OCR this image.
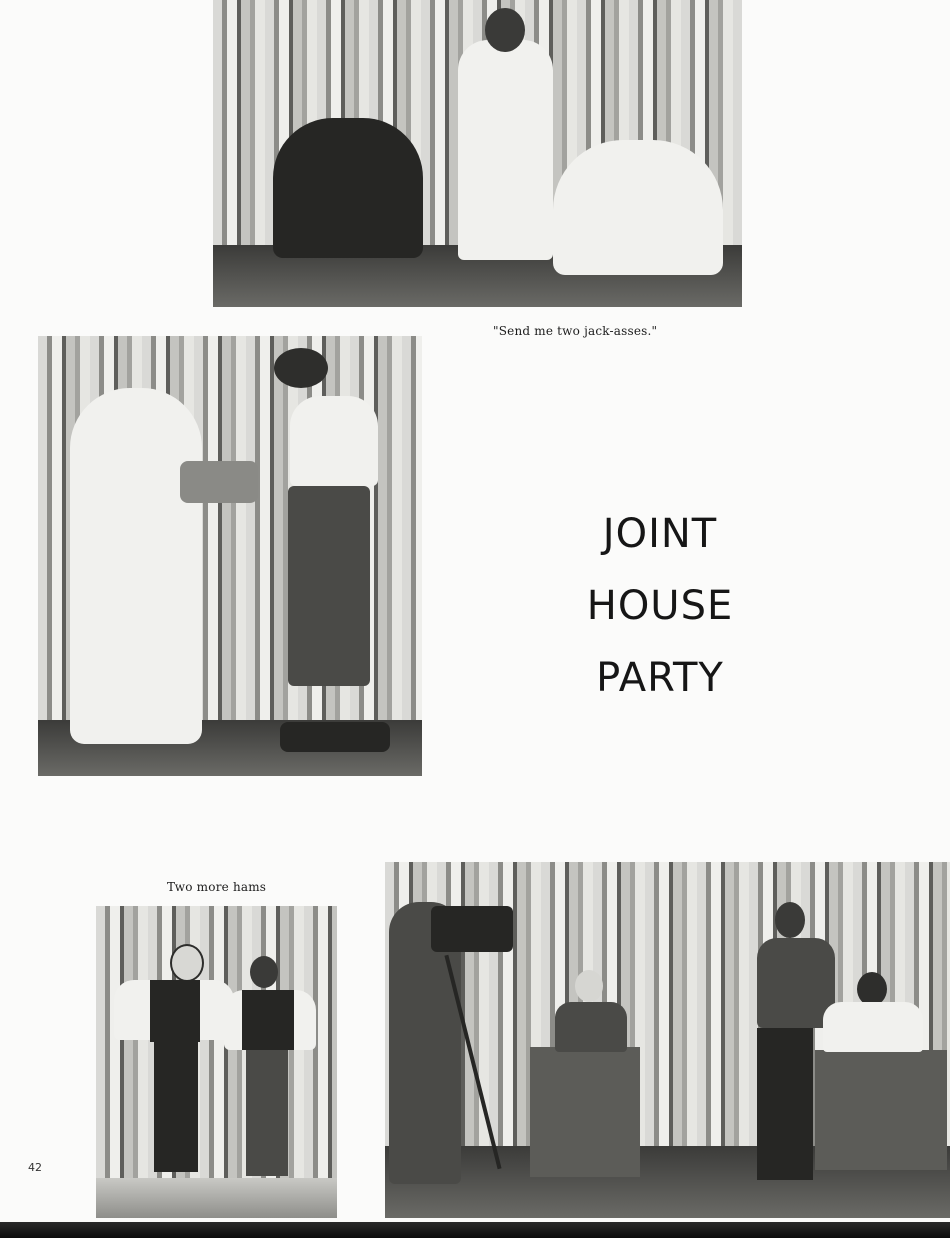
"Send me two jack-asses."
JOINT
HOUSE
PARTY
Two more hams
42
